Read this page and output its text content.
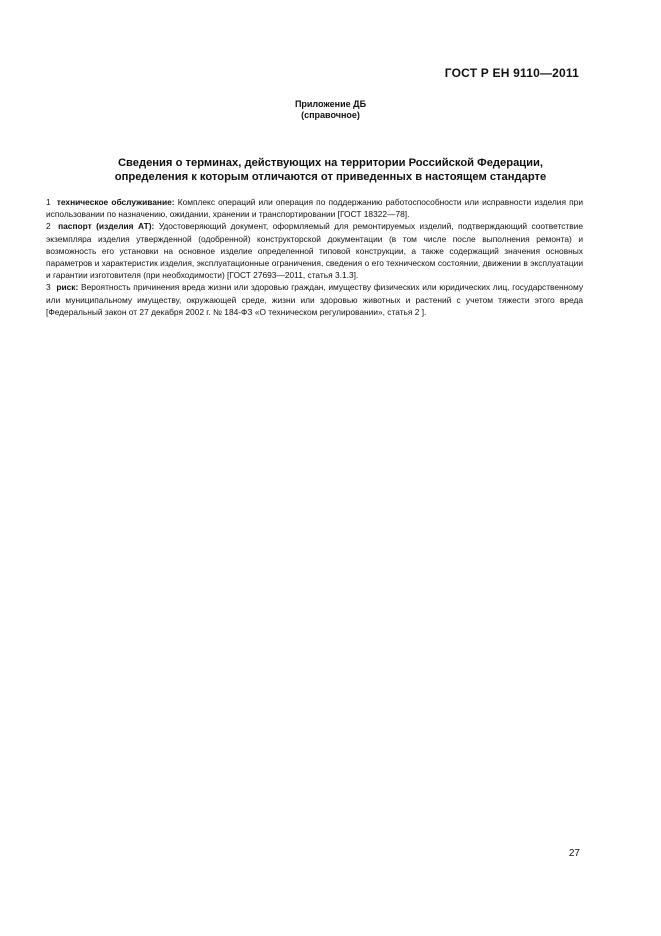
ГОСТ Р ЕН 9110—2011
Приложение ДБ
(справочное)
Сведения о терминах, действующих на территории Российской Федерации,
определения к которым отличаются от приведенных в настоящем стандарте

1 техническое обслуживание: Комплекс операций или операция по поддержанию работоспособности или исправности изделия при использовании по назначению, ожидании, хранении и транспортировании [ГОСТ 18322—78].

2 паспорт (изделия АТ): Удостоверяющий документ, оформляемый для ремонтируемых изделий, подтверждающий соответствие экземпляра изделия утвержденной (одобренной) конструкторской документации (в том числе после выполнения ремонта) и возможность его установки на основное изделие определенной типовой конструкции, а также содержащий значения основных параметров и характеристик изделия, эксплуатационные ограничения, сведения о его техническом состоянии, движении в эксплуатации и гарантии изготовителя (при необходимости) [ГОСТ 27693—2011, статья 3.1.3].

3 риск: Вероятность причинения вреда жизни или здоровью граждан, имуществу физических или юридических лиц, государственному или муниципальному имуществу, окружающей среде, жизни или здоровью животных и растений с учетом тяжести этого вреда [Федеральный закон от 27 декабря 2002 г. № 184-ФЗ «О техническом регулировании», статья 2 ].

27
